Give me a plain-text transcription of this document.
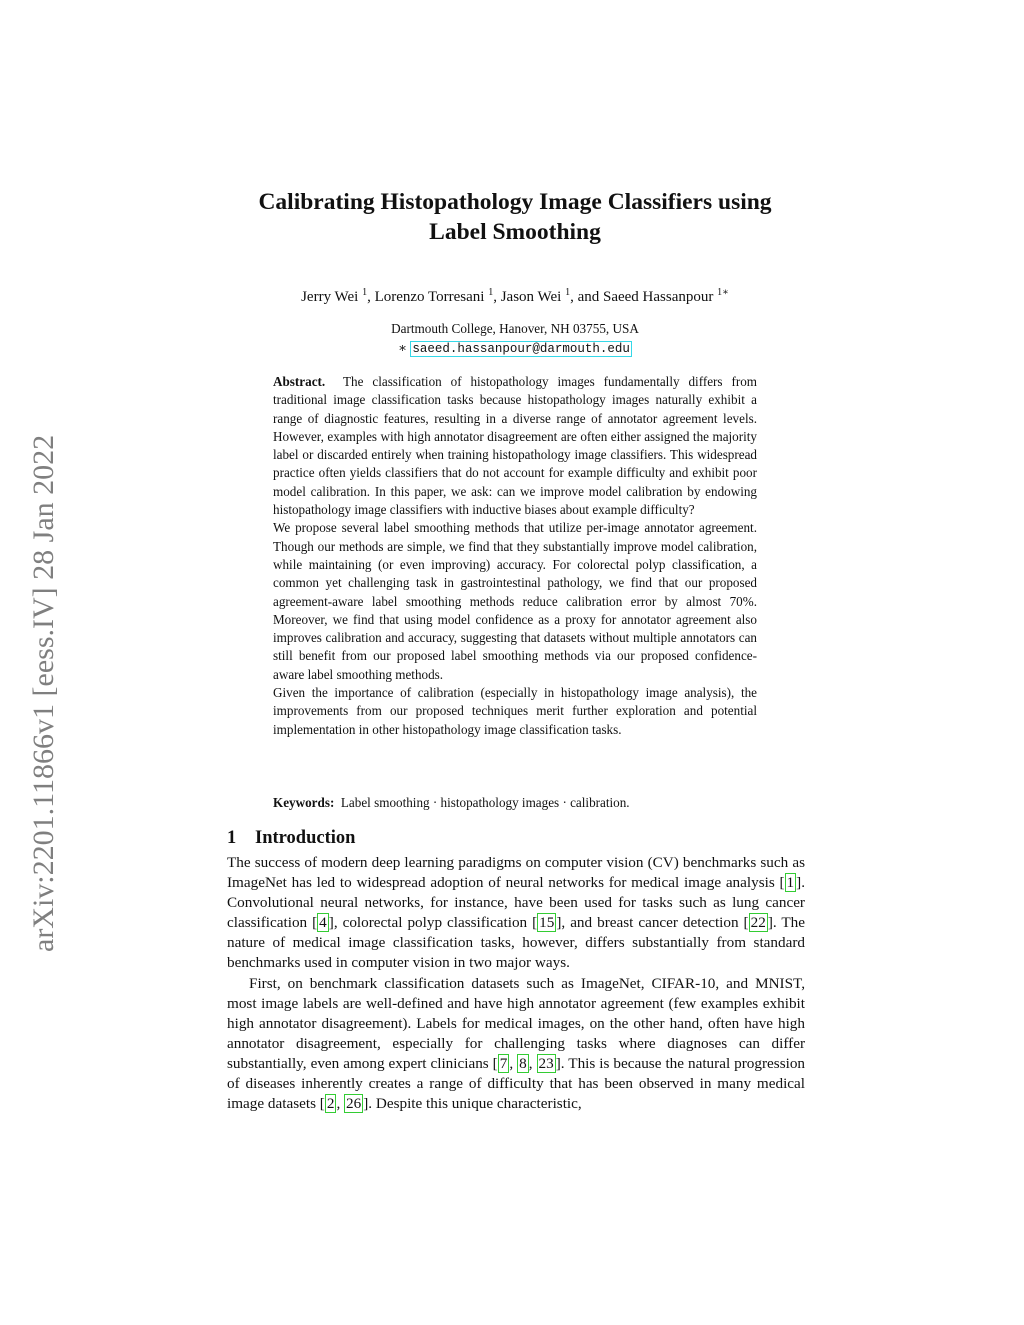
arXiv:2201.11866v1 [eess.IV] 28 Jan 2022
Calibrating Histopathology Image Classifiers using
Label Smoothing
Jerry Wei $^1$, Lorenzo Torresani $^1$, Jason Wei $^1$, and Saeed Hassanpour $^{1∗}$
Dartmouth College, Hanover, NH 03755, USA
∗ saeed.hassanpour@darmouth.edu

Abstract. The classification of histopathology images fundamentally differs from traditional image classification tasks because histopathology images naturally exhibit a range of diagnostic features, resulting in a diverse range of annotator agreement levels. However, examples with high annotator disagreement are often either assigned the majority label or discarded entirely when training histopathology image classifiers. This widespread practice often yields classifiers that do not account for example difficulty and exhibit poor model calibration. In this paper, we ask: can we improve model calibration by endowing histopathology image classifiers with inductive biases about example difficulty?

We propose several label smoothing methods that utilize per-image annotator agreement. Though our methods are simple, we find that they substantially improve model calibration, while maintaining (or even improving) accuracy. For colorectal polyp classification, a common yet challenging task in gastrointestinal pathology, we find that our proposed agreement-aware label smoothing methods reduce calibration error by almost 70%. Moreover, we find that using model confidence as a proxy for annotator agreement also improves calibration and accuracy, suggesting that datasets without multiple annotators can still benefit from our proposed label smoothing methods via our proposed confidence-aware label smoothing methods.

Given the importance of calibration (especially in histopathology image analysis), the improvements from our proposed techniques merit further exploration and potential implementation in other histopathology image classification tasks.

Keywords: Label smoothing · histopathology images · calibration.
1 Introduction

The success of modern deep learning paradigms on computer vision (CV) benchmarks such as ImageNet has led to widespread adoption of neural networks for medical image analysis [ 1 ]. Convolutional neural networks, for instance, have been used for tasks such as lung cancer classification [ 4 ], colorectal polyp classification [ 15 ], and breast cancer detection [ 22 ]. The nature of medical image classification tasks, however, differs substantially from standard benchmarks used in computer vision in two major ways.

First, on benchmark classification datasets such as ImageNet, CIFAR-10, and MNIST, most image labels are well-defined and have high annotator agreement (few examples exhibit high annotator disagreement). Labels for medical images, on the other hand, often have high annotator disagreement, especially for challenging tasks where diagnoses can differ substantially, even among expert clinicians [ 7 , 8 , 23 ]. This is because the natural progression of diseases inherently creates a range of difficulty that has been observed in many medical image datasets [ 2 , 26 ]. Despite this unique characteristic,
